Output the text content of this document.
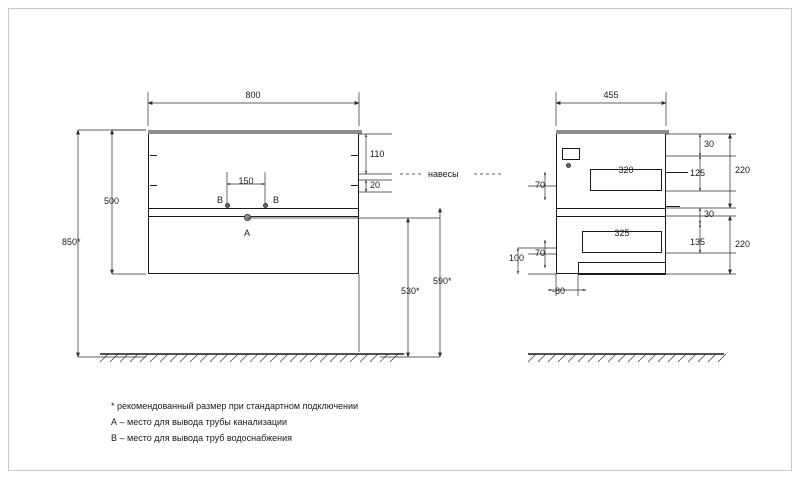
800
850*
500
110
20
150
В	В
А
530*
590*
навесы
455
30
125	220
30
135	220
320
325
70
70
100
-80
* рекомендованный размер при стандартном подключении
А – место для вывода трубы канализации
В – место для вывода труб водоснабжения
